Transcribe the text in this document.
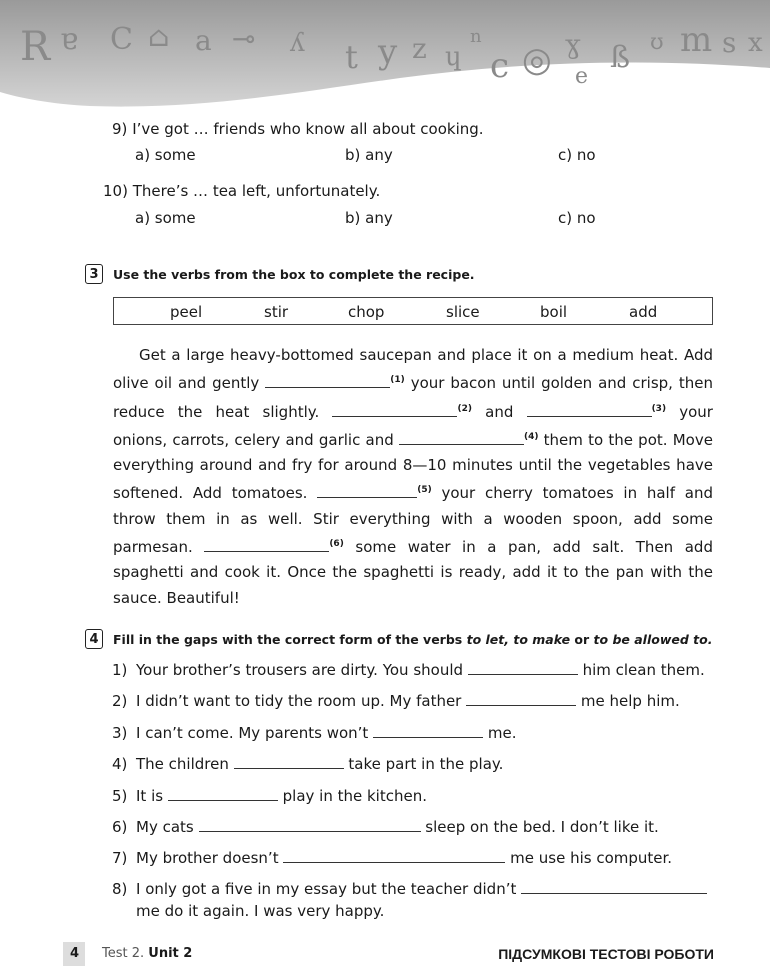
R ɐ C ⌂ a ⊸ ʎ t y z ɥ
n
c ◎ ɣ
e
ß ʊ m s x
9) I’ve got … friends who know all about cooking.
a) some	b) any	c) no
10) There’s … tea left, unfortunately.
a) some	b) any	c) no
3	Use the verbs from the box to complete the recipe.
peel	stir	chop	slice	boil	add
Get a large heavy-bottomed saucepan and place it on a medium heat. Add olive oil and gently	$^{(1)}$ your bacon until golden and crisp, then reduce the heat slightly.	$^{(2)}$ and	$^{(3)}$ your onions, carrots, celery and garlic and	$^{(4)}$ them to the pot. Move everything around and fry for around 8—10 minutes until the vegetables have softened. Add tomatoes.	$^{(5)}$ your cherry tomatoes in half and throw them in as well. Stir everything with a wooden spoon, add some parmesan.	$^{(6)}$ some water in a pan, add salt. Then add spaghetti and cook it. Once the spaghetti is ready, add it to the pan with the sauce. Beautiful!
4	Fill in the gaps with the correct form of the verbs to let, to make or to be allowed to.
1) Your brother’s trousers are dirty. You should	him clean them.
2) I didn’t want to tidy the room up. My father	me help him.
3) I can’t come. My parents won’t	me.
4) The children	take part in the play.
5) It is	play in the kitchen.
6) My cats	sleep on the bed. I don’t like it.
7) My brother doesn’t	me use his computer.
8) I only got a five in my essay but the teacher didn’t
me do it again. I was very happy.
4 Test 2. Unit 2	ПІДСУМКОВІ ТЕСТОВІ РОБОТИ
